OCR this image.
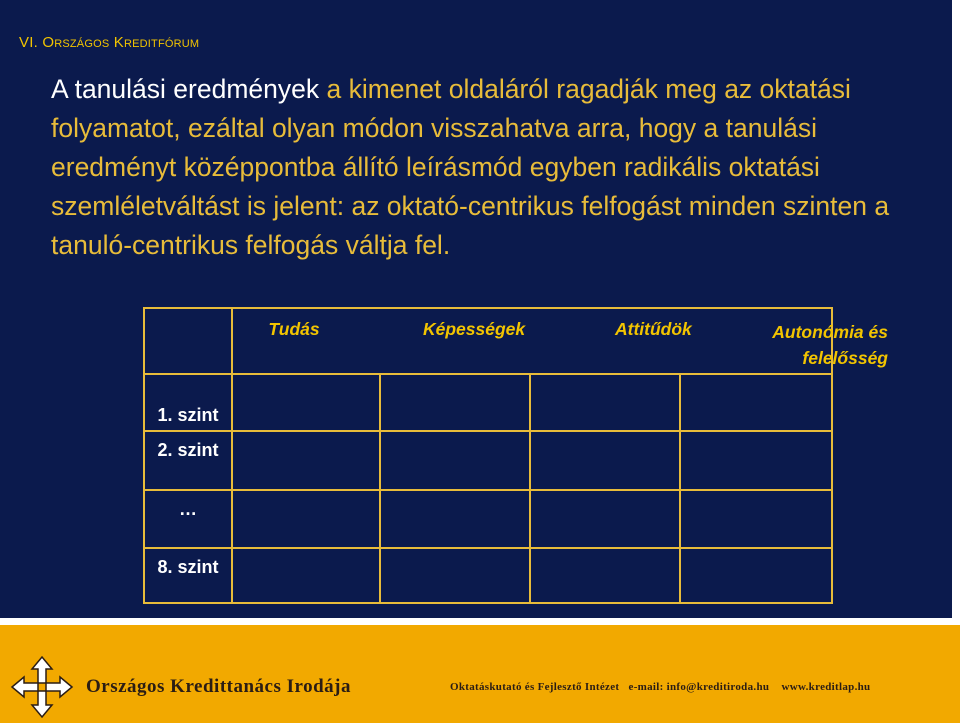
VI. ORSZÁGOS KREDITFÓRUM
A tanulási eredmények a kimenet oldaláról ragadják meg az oktatási
folyamatot, ezáltal olyan módon visszahatva arra, hogy a tanulási
eredményt középpontba állító leírásmód egyben radikális oktatási
szemléletváltást is jelent: az oktató-centrikus felfogást minden szinten a
tanuló-centrikus felfogás váltja fel.

	Tudás Képességek Attitűdök Autonómia és felelősség			

1. szint				
2. szint				
…				
8. szint				
Országos Kredittanács Irodája	Oktatáskutató és Fejlesztő Intézet e-mail: info@kreditiroda.hu www.kreditlap.hu
